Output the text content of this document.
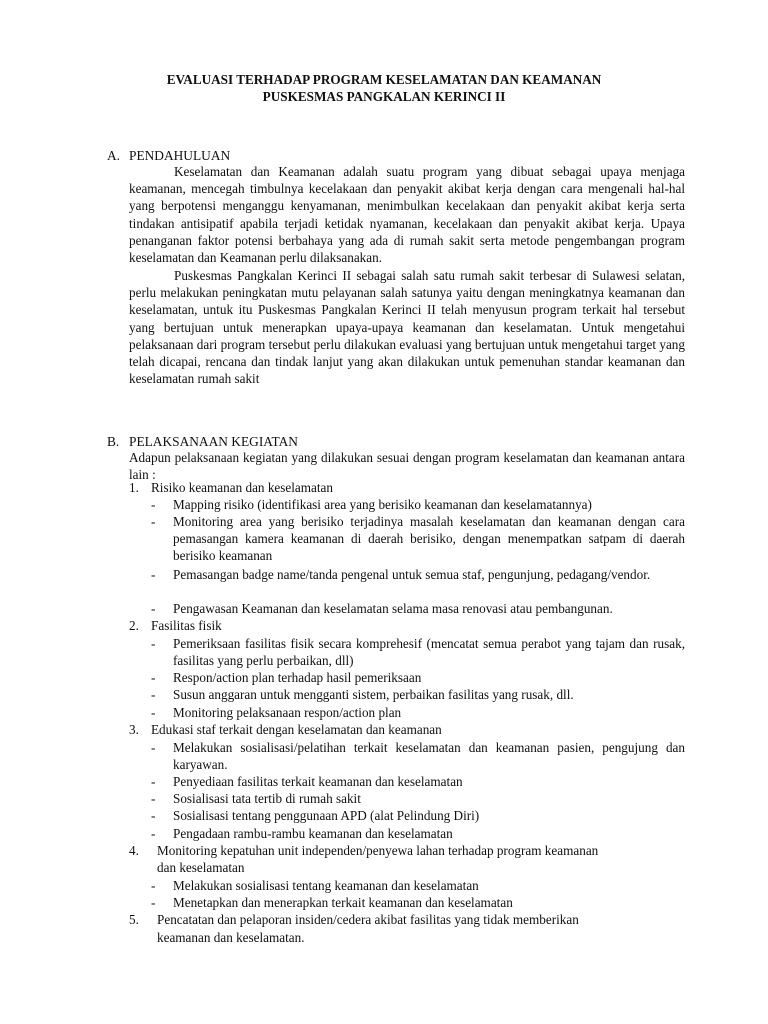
EVALUASI TERHADAP PROGRAM KESELAMATAN DAN KEAMANAN
PUSKESMAS PANGKALAN KERINCI II
A. PENDAHULUAN
Keselamatan dan Keamanan adalah suatu program yang dibuat sebagai upaya menjaga keamanan, mencegah timbulnya kecelakaan dan penyakit akibat kerja dengan cara mengenali hal-hal yang berpotensi menganggu kenyamanan, menimbulkan kecelakaan dan penyakit akibat kerja serta tindakan antisipatif apabila terjadi ketidak nyamanan, kecelakaan dan penyakit akibat kerja. Upaya penanganan faktor potensi berbahaya yang ada di rumah sakit serta metode pengembangan program keselamatan dan Keamanan perlu dilaksanakan.
Puskesmas Pangkalan Kerinci II sebagai salah satu rumah sakit terbesar di Sulawesi selatan, perlu melakukan peningkatan mutu pelayanan salah satunya yaitu dengan meningkatnya keamanan dan keselamatan, untuk itu Puskesmas Pangkalan Kerinci II telah menyusun program terkait hal tersebut yang bertujuan untuk menerapkan upaya-upaya keamanan dan keselamatan. Untuk mengetahui pelaksanaan dari program tersebut perlu dilakukan evaluasi yang bertujuan untuk mengetahui target yang telah dicapai, rencana dan tindak lanjut yang akan dilakukan untuk pemenuhan standar keamanan dan keselamatan rumah sakit
B. PELAKSANAAN KEGIATAN
Adapun pelaksanaan kegiatan yang dilakukan sesuai dengan program keselamatan dan keamanan antara lain :
1. Risiko keamanan dan keselamatan
- Mapping risiko (identifikasi area yang berisiko keamanan dan keselamatannya)
- Monitoring area yang berisiko terjadinya masalah keselamatan dan keamanan dengan cara pemasangan kamera keamanan di daerah berisiko, dengan menempatkan satpam di daerah berisiko keamanan
- Pemasangan badge name/tanda pengenal untuk semua staf, pengunjung, pedagang/vendor.
- Pengawasan Keamanan dan keselamatan selama masa renovasi atau pembangunan.
2. Fasilitas fisik
- Pemeriksaan fasilitas fisik secara komprehesif (mencatat semua perabot yang tajam dan rusak, fasilitas yang perlu perbaikan, dll)
- Respon/action plan terhadap hasil pemeriksaan
- Susun anggaran untuk mengganti sistem, perbaikan fasilitas yang rusak, dll.
- Monitoring pelaksanaan respon/action plan
3. Edukasi staf terkait dengan keselamatan dan keamanan
- Melakukan sosialisasi/pelatihan terkait keselamatan dan keamanan pasien, pengujung dan karyawan.
- Penyediaan fasilitas terkait keamanan dan keselamatan
- Sosialisasi tata tertib di rumah sakit
- Sosialisasi tentang penggunaan APD (alat Pelindung Diri)
- Pengadaan rambu-rambu keamanan dan keselamatan
4. Monitoring kepatuhan unit independen/penyewa lahan terhadap program keamanan
dan keselamatan
- Melakukan sosialisasi tentang keamanan dan keselamatan
- Menetapkan dan menerapkan terkait keamanan dan keselamatan
5. Pencatatan dan pelaporan insiden/cedera akibat fasilitas yang tidak memberikan
keamanan dan keselamatan.
